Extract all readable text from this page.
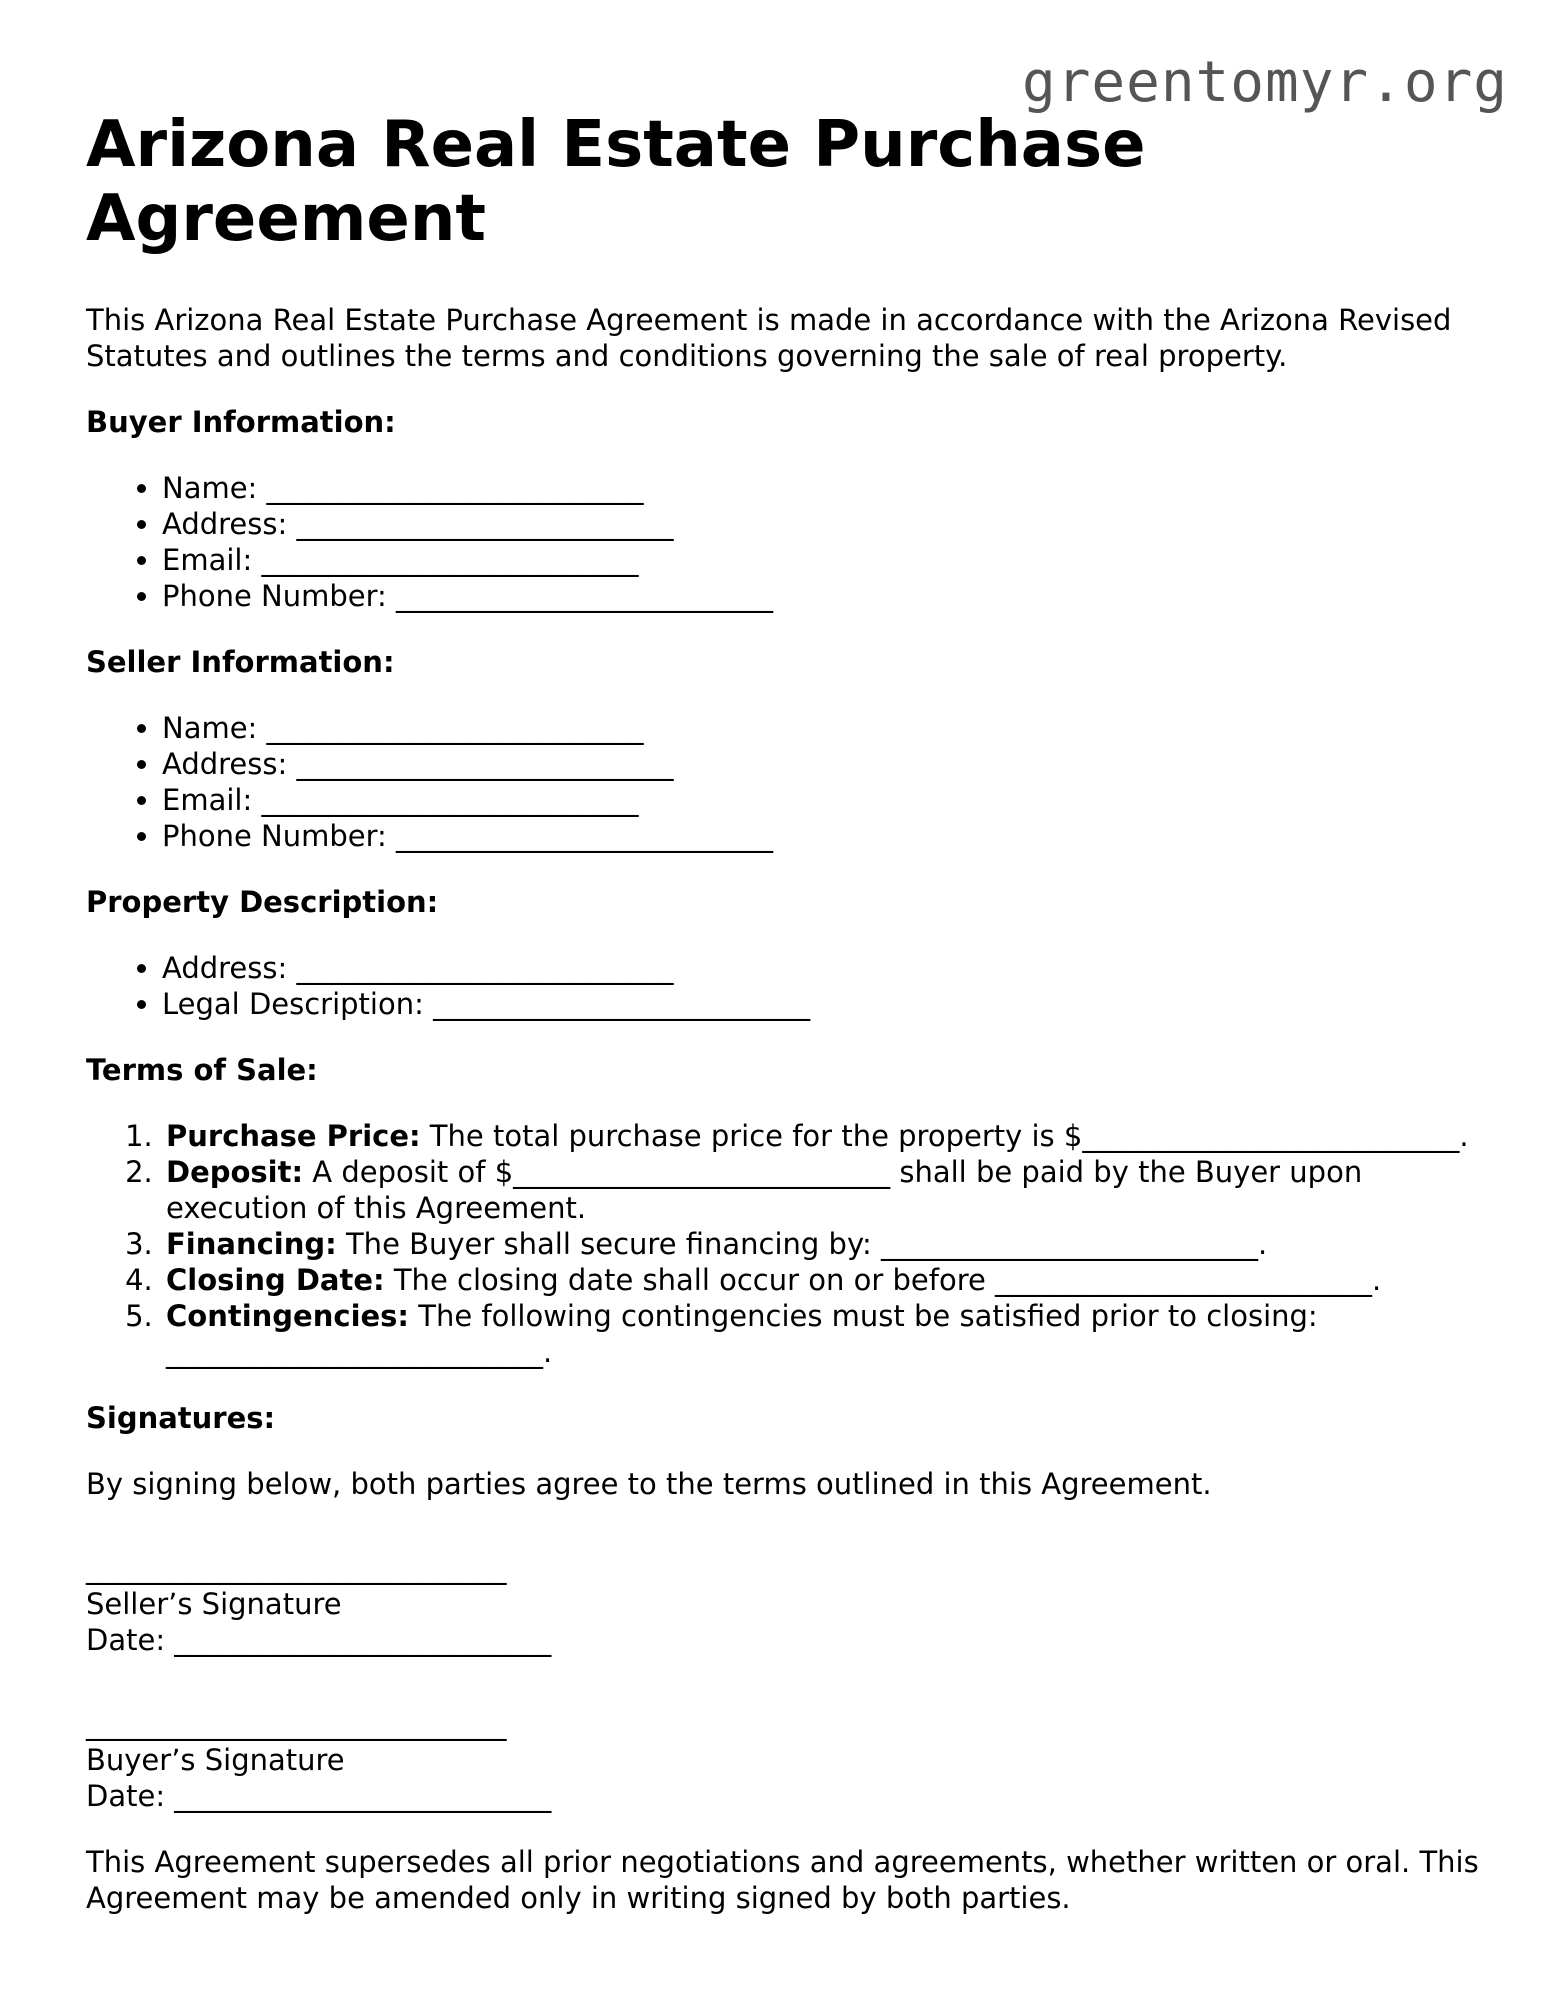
greentomyr.org
Arizona Real Estate Purchase Agreement

This Arizona Real Estate Purchase Agreement is made in accordance with the Arizona Revised Statutes and outlines the terms and conditions governing the sale of real property.

Buyer Information:
• Name: __________________________
• Address: __________________________
• Email: __________________________
• Phone Number: __________________________
Seller Information:
• Name: __________________________
• Address: __________________________
• Email: __________________________
• Phone Number: __________________________
Property Description:
• Address: __________________________
• Legal Description: __________________________
Terms of Sale:
1. Purchase Price: The total purchase price for the property is $__________________________.
2. Deposit: A deposit of $__________________________ shall be paid by the Buyer upon execution of this Agreement.
3. Financing: The Buyer shall secure financing by: __________________________.
4. Closing Date: The closing date shall occur on or before __________________________.
5. Contingencies: The following contingencies must be satisfied prior to closing: __________________________.
Signatures:

By signing below, both parties agree to the terms outlined in this Agreement.

_____________________________
Seller’s Signature
Date: __________________________
_____________________________
Buyer’s Signature
Date: __________________________

This Agreement supersedes all prior negotiations and agreements, whether written or oral. This Agreement may be amended only in writing signed by both parties.
